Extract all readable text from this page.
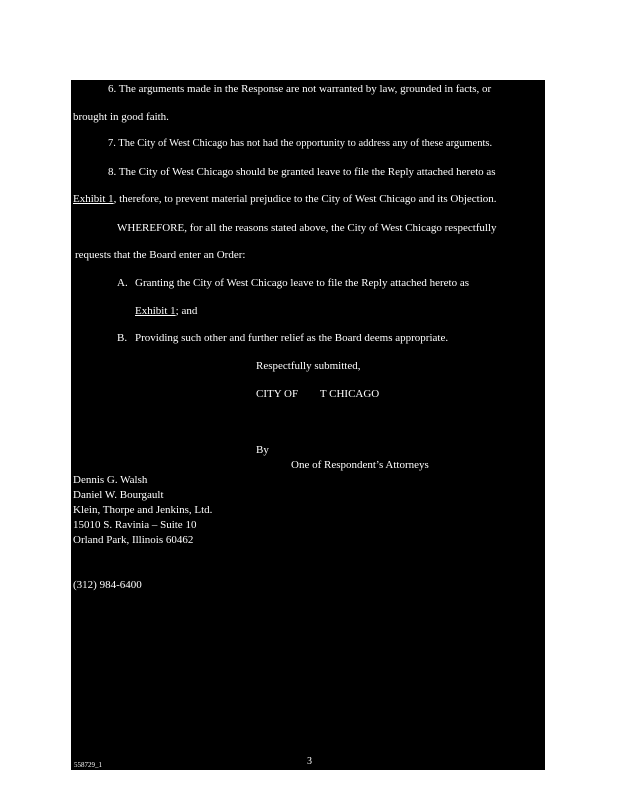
6. The arguments made in the Response are not warranted by law, grounded in facts, or
brought in good faith.
7. The City of West Chicago has not had the opportunity to address any of these arguments.
8. The City of West Chicago should be granted leave to file the Reply attached hereto as
Exhibit 1, therefore, to prevent material prejudice to the City of West Chicago and its Objection.
WHEREFORE, for all the reasons stated above, the City of West Chicago respectfully
requests that the Board enter an Order:
A. Granting the City of West Chicago leave to file the Reply attached hereto as
Exhibit 1; and
B. Providing such other and further relief as the Board deems appropriate.
Respectfully submitted,
CITY OF        T CHICAGO
By
One of Respondent’s Attorneys
Dennis G. Walsh
Daniel W. Bourgault
Klein, Thorpe and Jenkins, Ltd.
15010 S. Ravinia – Suite 10
Orland Park, Illinois 60462
(312) 984-6400
558729_1	3
